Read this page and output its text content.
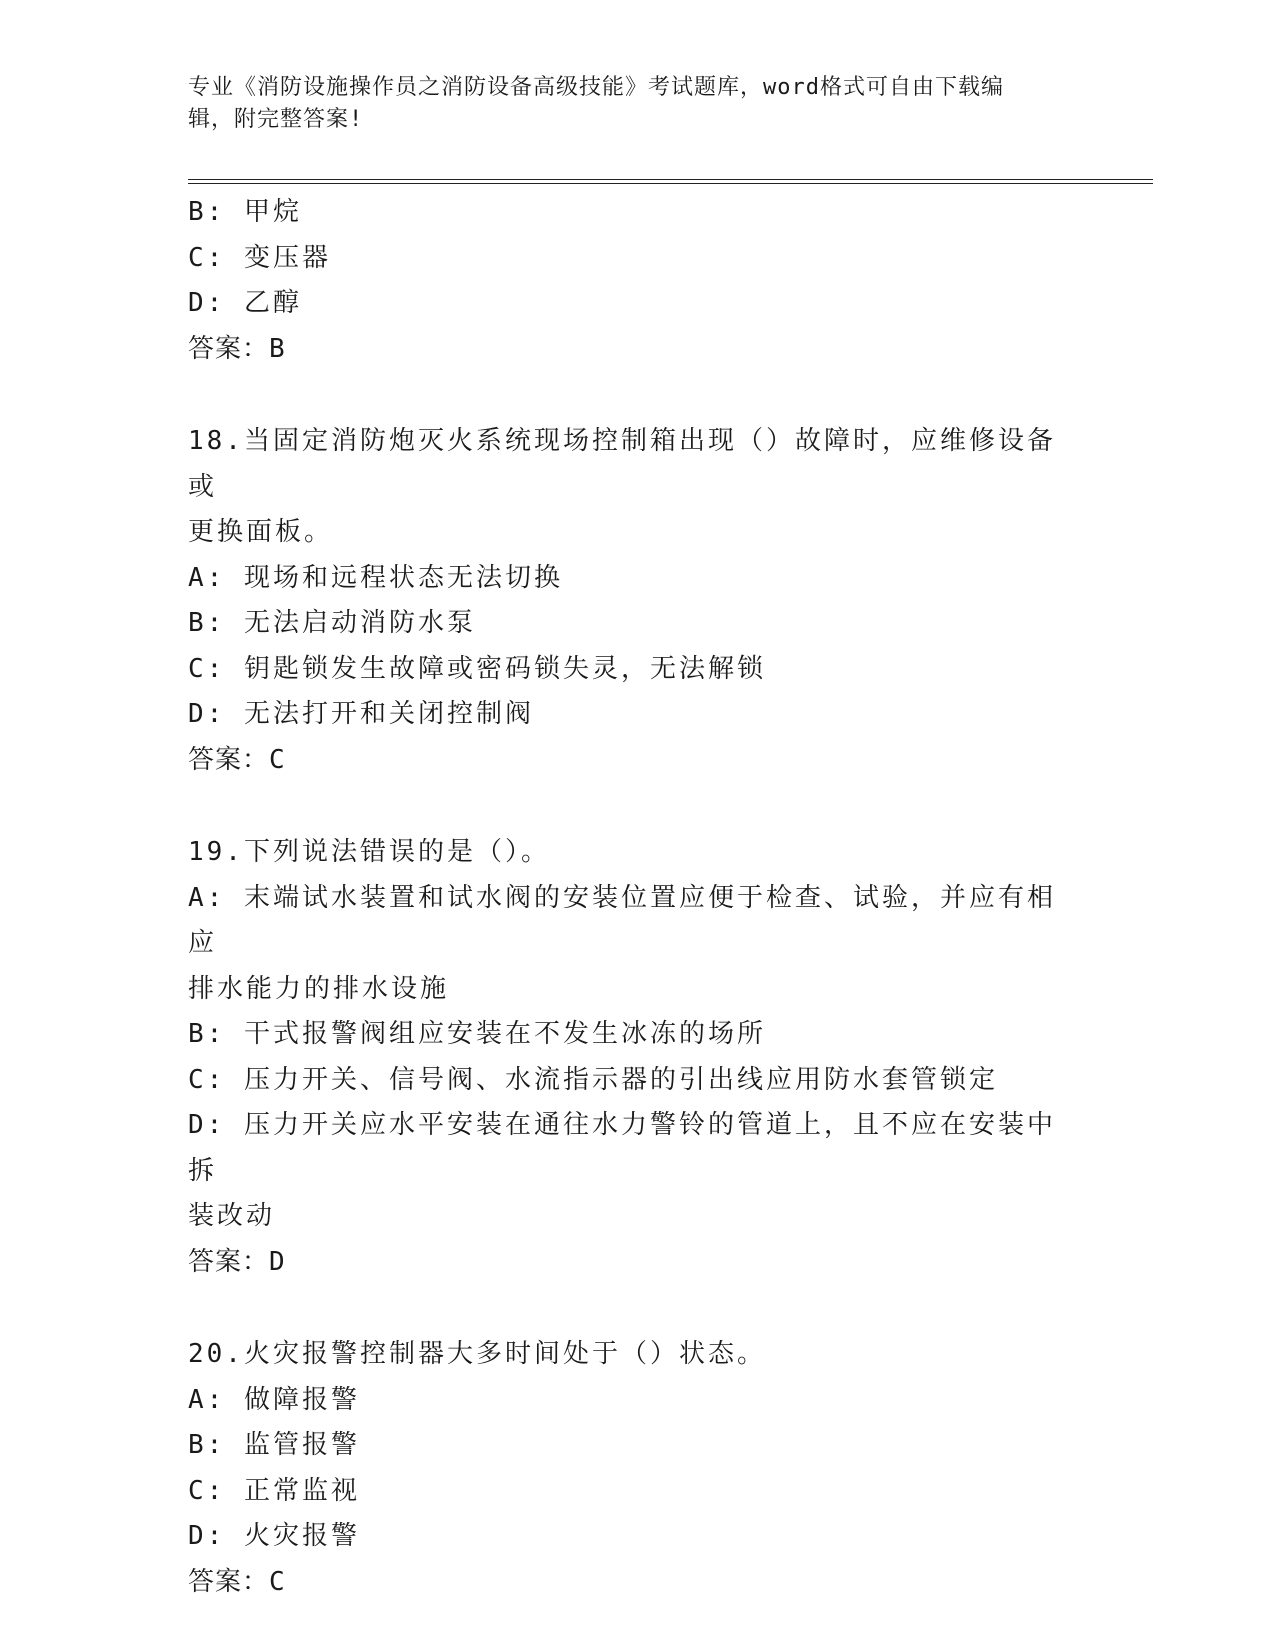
专业《消防设施操作员之消防设备高级技能》考试题库，word格式可自由下载编
辑，附完整答案!
B: 甲烷
C: 变压器
D: 乙醇
答案：B
18.当固定消防炮灭火系统现场控制箱出现（）故障时，应维修设备或
更换面板。
A: 现场和远程状态无法切换
B: 无法启动消防水泵
C: 钥匙锁发生故障或密码锁失灵，无法解锁
D: 无法打开和关闭控制阀
答案：C
19.下列说法错误的是（）。
A: 末端试水装置和试水阀的安装位置应便于检查、试验，并应有相应
排水能力的排水设施
B: 干式报警阀组应安装在不发生冰冻的场所
C: 压力开关、信号阀、水流指示器的引出线应用防水套管锁定
D: 压力开关应水平安装在通往水力警铃的管道上，且不应在安装中拆
装改动
答案：D
20.火灾报警控制器大多时间处于（）状态。
A: 做障报警
B: 监管报警
C: 正常监视
D: 火灾报警
答案：C
